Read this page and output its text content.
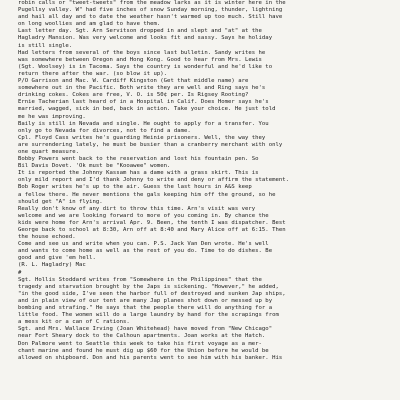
robin calls or "tweet-tweets" from the meadow larks as it is winter here in the
Pugellsy valley. W" had five inches of snow Sunday morning, thunder, lightning
and hail all day and to date the weather hasn't warmed up too much. Still have
on long woollies and am glad to have them.
Last letter day. Sgt. Arn Servitson dropped in and slept and "at" at the
Hagladry Mansion. Was very welcome and looks fit and sassy. Says he holiday
is still single.
Had letters from several of the boys since last bulletin. Sandy writes he
was somewhere between Oregon and Hong Kong. Good to hear from Mrs. Lewis
(Sgt. Woolsey) is in Tacoma. Says the country is wonderful and he'd like to
return there after the war. (so blow it up).
P/O Garrison and Mac. W. Cardiff Kingston (Get that middle name) are
somewhere out in the Pacific. Both write they are well and Ring says he's
drinking cokes. Cokes are free, V. O. is 50¢ per. Is Rigsey Rooting?
Ernie Tacherian last heard of in a Hospital in Calif. Does Homer says he's
married, wagged, sick in bed, back in action. Take your choice. He just told
me he was improving.
Baily is still in Nevada and single. He ought to apply for a transfer. You
only go to Nevada for divorces, not to find a dame.
Cpl. Floyd Cass writes he's guarding Heinie prisoners. Well, the way they
are surrendering lately, he must be busier than a cranberry merchant with only
one quart measure.
Bobby Powers went back to the reservation and lost his fountain pen. So
Bil Davis Dovet. 'Ok must be "Kooawee" women.
It is reported the Johnny Kassam has a dame with a grass skirt. This is
only mild report and I'd thank Johnny to write and deny or affirm the statement.
Bob Roger writes he's up to the air. Guess the last hours in A&S keep
a fellow there. He never mentions the gals keeping him off the ground, so he
should get "A" in flying.
Really don't know of any dirt to throw this time. Arn's visit was very
welcome and we are looking forward to more of you coming in. By chance the
kids were home for Arn's arrival Apr. 9. Been, the tenth I was dispatcher. Best
George back to school at 8:30, Arn off at 8:40 and Mary Alice off at 6:15. Then
the house echoed.
Come and see us and write when you can. P.S. Jack Van Den wrote. He's well
and wants to come home as well as the rest of you do. Time to do dishes. Be
good and give 'em hell.
(R. L. Hagladry) Mac
#
Sgt. Hollis Stoddard writes from "Somewhere in the Philippines" that the
tragedy and starvation brought by the Japs is sickening. "However," he added,
"in the good side, I've seen the harbor full of destroyed and sunken Jap ships,
and in plain view of our tent are many Jap planes shot down or messed up by
bombing and strafing." He says that the people there will do anything for a
little food. The women will do a large laundry by hand for the scrapings from
a mess kit or a can of C rations.
Sgt. and Mrs. Wallace Irving (Joan Whitehead) have moved from "New Chicago"
near Fort Sheary dock to the Calhoun apartments. Joan works at the Hatch.
Don Palmore went to Seattle this week to take his first voyage as a mer-
chant marine and found he must dig up $60 for the Union before he would be
allowed on shipboard. Don and his parents went to see him with his banker. His
